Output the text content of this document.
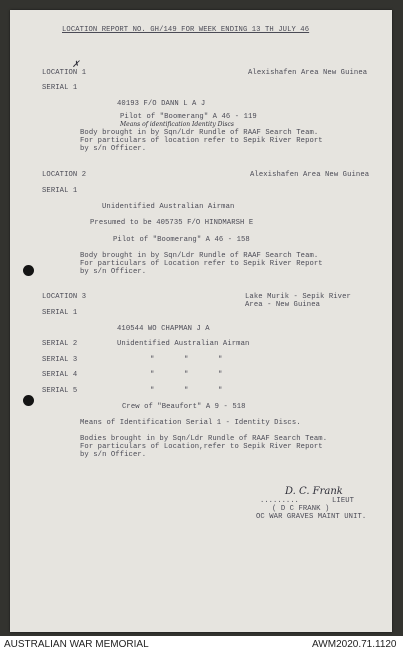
LOCATION REPORT NO. GH/149 FOR WEEK ENDING 13 TH JULY 46
✗
LOCATION 1	Alexishafen Area New Guinea
SERIAL 1
40193 F/O DANN L A J
Pilot of "Boomerang" A 46 - 119
Means of identification Identity Discs
Body brought in by Sqn/Ldr Rundle of RAAF Search Team.
For particulars of location refer to Sepik River Report
by s/n Officer.
LOCATION 2	Alexishafen Area New Guinea
SERIAL 1
Unidentified Australian Airman
Presumed to be 405735 F/O HINDMARSH E
Pilot of "Boomerang" A 46 - 158
Body brought in by Sqn/Ldr Rundle of RAAF Search Team.
For particulars of Location refer to Sepik River Report
by s/n Officer.
LOCATION 3	Lake Murik - Sepik River
Area - New Guinea
SERIAL 1
410544 WO CHAPMAN J A
SERIAL 2	Unidentified Australian Airman
SERIAL 3	"	"	"
SERIAL 4	"	"	"
SERIAL 5	"	"	"
Crew of "Beaufort" A 9 - 518
Means of Identification Serial 1 - Identity Discs.
Bodies brought in by Sqn/Ldr Rundle of RAAF Search Team.
For particulars of Location,refer to Sepik River Report
by s/n Officer.
D. C. Frank
.........	LIEUT
( D C FRANK )
OC WAR GRAVES MAINT UNIT.
AUSTRALIAN WAR MEMORIAL	AWM2020.71.1120
